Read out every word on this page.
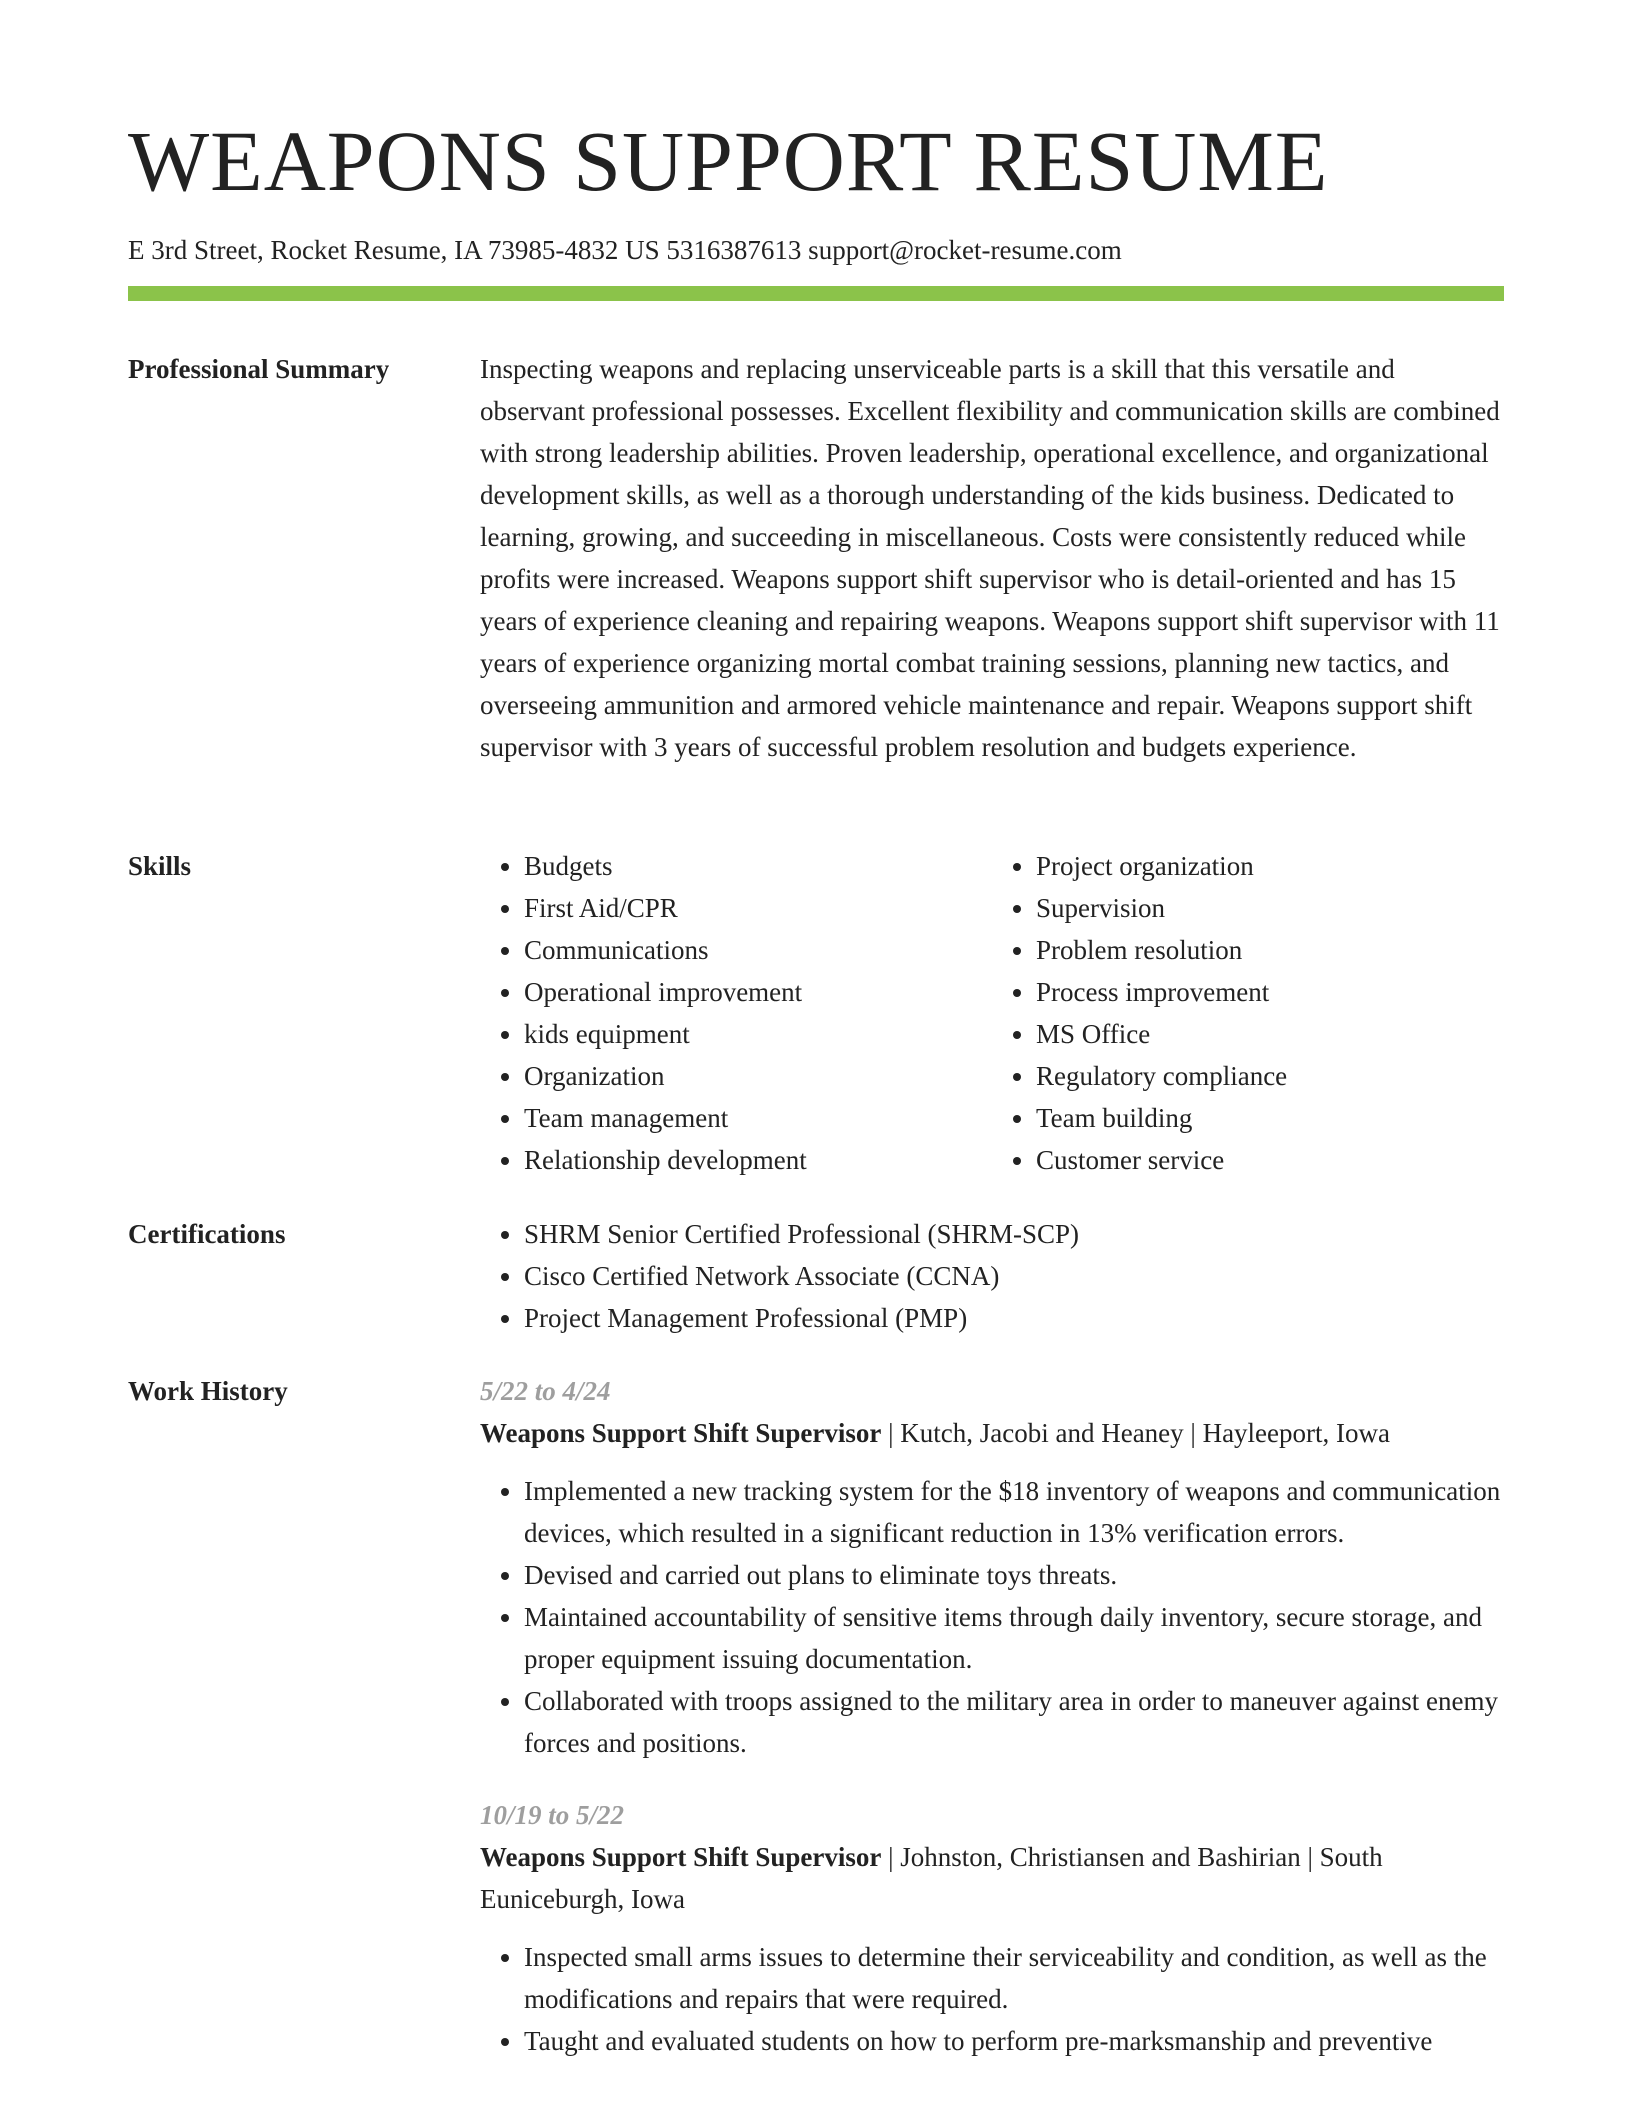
WEAPONS SUPPORT RESUME
E 3rd Street, Rocket Resume, IA 73985-4832 US 5316387613 support@rocket-resume.com
Professional Summary	Inspecting weapons and replacing unserviceable parts is a skill that this versatile and observant professional possesses. Excellent flexibility and communication skills are combined with strong leadership abilities. Proven leadership, operational excellence, and organizational development skills, as well as a thorough understanding of the kids business. Dedicated to learning, growing, and succeeding in miscellaneous. Costs were consistently reduced while profits were increased. Weapons support shift supervisor who is detail-oriented and has 15 years of experience cleaning and repairing weapons. Weapons support shift supervisor with 11 years of experience organizing mortal combat training sessions, planning new tactics, and overseeing ammunition and armored vehicle maintenance and repair. Weapons support shift supervisor with 3 years of successful problem resolution and budgets experience.

Skills	• Budgets
• First Aid/CPR
• Communications
• Operational improvement
• kids equipment
• Organization
• Team management
• Relationship development
• Project organization
• Supervision
• Problem resolution
• Process improvement
• MS Office
• Regulatory compliance
• Team building
• Customer service
Certifications	• SHRM Senior Certified Professional (SHRM-SCP)
• Cisco Certified Network Associate (CCNA)
• Project Management Professional (PMP)
Work History	5/22 to 4/24
Weapons Support Shift Supervisor | Kutch, Jacobi and Heaney | Hayleeport, Iowa
• Implemented a new tracking system for the $18 inventory of weapons and communication devices, which resulted in a significant reduction in 13% verification errors.
• Devised and carried out plans to eliminate toys threats.
• Maintained accountability of sensitive items through daily inventory, secure storage, and proper equipment issuing documentation.
• Collaborated with troops assigned to the military area in order to maneuver against enemy forces and positions.
10/19 to 5/22
Weapons Support Shift Supervisor | Johnston, Christiansen and Bashirian | South Euniceburgh, Iowa
• Inspected small arms issues to determine their serviceability and condition, as well as the modifications and repairs that were required.
• Taught and evaluated students on how to perform pre-marksmanship and preventive
